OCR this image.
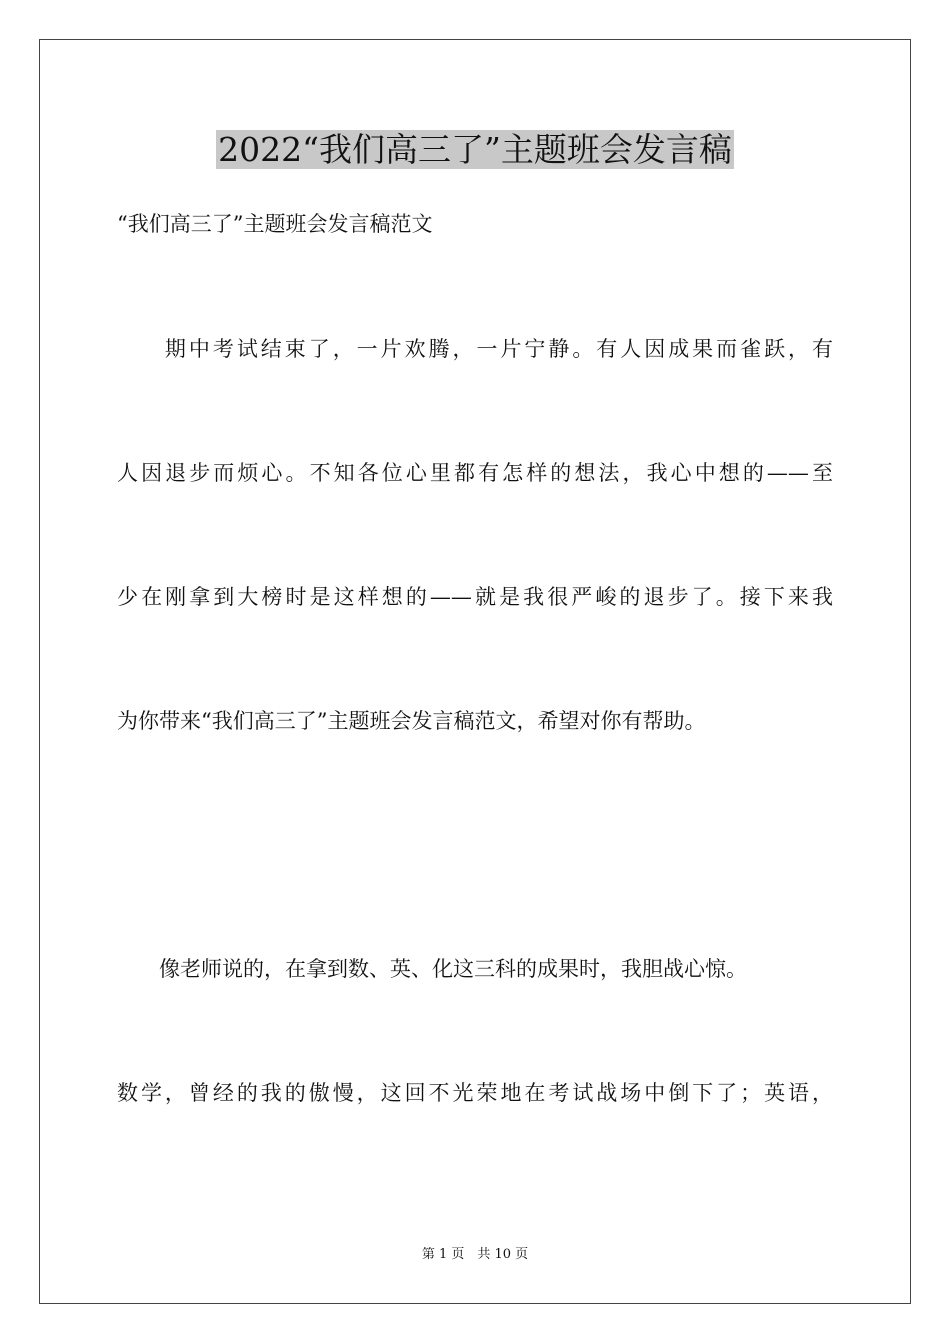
2022“我们高三了”主题班会发言稿

“我们高三了”主题班会发言稿范文

　　期中考试结束了，一片欢腾，一片宁静。有人因成果而雀跃，有

人因退步而烦心。不知各位心里都有怎样的想法，我心中想的——至

少在刚拿到大榜时是这样想的——就是我很严峻的退步了。接下来我

为你带来“我们高三了”主题班会发言稿范文，希望对你有帮助。

　　像老师说的，在拿到数、英、化这三科的成果时，我胆战心惊。

数学，曾经的我的傲慢，这回不光荣地在考试战场中倒下了；英语，

第 1 页　共 10 页
